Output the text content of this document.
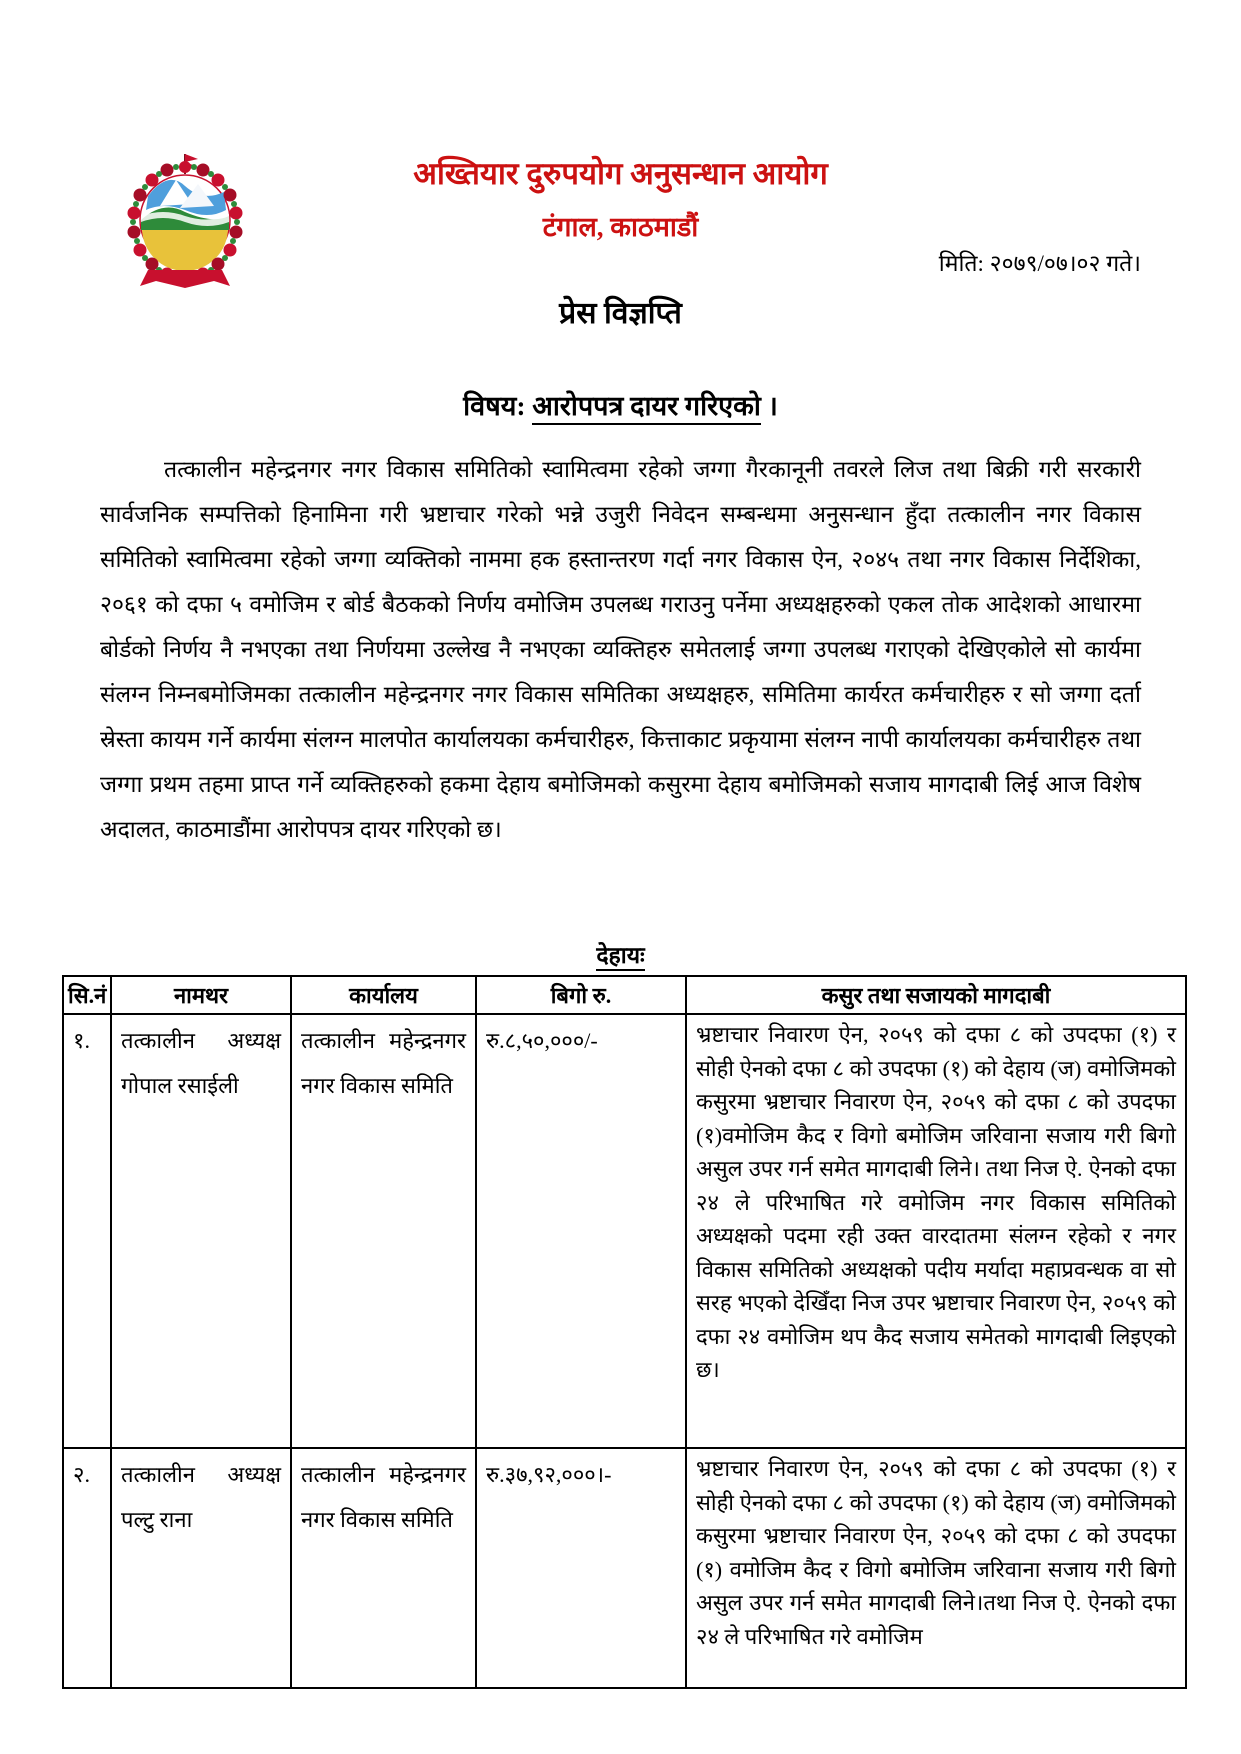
अख्तियार दुरुपयोग अनुसन्धान आयोग
टंगाल, काठमाडौं
मिति: २०७९/०७।०२ गते।
प्रेस विज्ञप्ति
विषय: आरोपपत्र दायर गरिएको ।
तत्कालीन महेन्द्रनगर नगर विकास समितिको स्वामित्वमा रहेको जग्गा गैरकानूनी तवरले लिज तथा बिक्री गरी सरकारी सार्वजनिक सम्पत्तिको हिनामिना गरी भ्रष्टाचार गरेको भन्ने उजुरी निवेदन सम्बन्धमा अनुसन्धान हुँदा तत्कालीन नगर विकास समितिको स्वामित्वमा रहेको जग्गा व्यक्तिको नाममा हक हस्तान्तरण गर्दा नगर विकास ऐन, २०४५ तथा नगर विकास निर्देशिका, २०६१ को दफा ५ वमोजिम र बोर्ड बैठकको निर्णय वमोजिम उपलब्ध गराउनु पर्नेमा अध्यक्षहरुको एकल तोक आदेशको आधारमा बोर्डको निर्णय नै नभएका तथा निर्णयमा उल्लेख नै नभएका व्यक्तिहरु समेतलाई जग्गा उपलब्ध गराएको देखिएकोले सो कार्यमा संलग्न निम्नबमोजिमका तत्कालीन महेन्द्रनगर नगर विकास समितिका अध्यक्षहरु, समितिमा कार्यरत कर्मचारीहरु र सो जग्गा दर्ता स्रेस्ता कायम गर्ने कार्यमा संलग्न मालपोत कार्यालयका कर्मचारीहरु, कित्ताकाट प्रकृयामा संलग्न नापी कार्यालयका कर्मचारीहरु तथा जग्गा प्रथम तहमा प्राप्त गर्ने व्यक्तिहरुको हकमा देहाय बमोजिमको कसुरमा देहाय बमोजिमको सजाय मागदाबी लिई आज विशेष अदालत, काठमाडौंमा आरोपपत्र दायर गरिएको छ।
देहायः
सि.नं	नामथर	कार्यालय	बिगो रु.	कसुर तथा सजायको मागदाबी
१.	तत्कालीन अध्यक्ष गोपाल रसाईली	तत्कालीन महेन्द्रनगर नगर विकास समिति	रु.८,५०,०००/-	भ्रष्टाचार निवारण ऐन, २०५९ को दफा ८ को उपदफा (१) र सोही ऐनको दफा ८ को उपदफा (१) को देहाय (ज) वमोजिमको कसुरमा भ्रष्टाचार निवारण ऐन, २०५९ को दफा ८ को उपदफा (१)वमोजिम कैद र विगो बमोजिम जरिवाना सजाय गरी बिगो असुल उपर गर्न समेत मागदाबी लिने। तथा निज ऐ. ऐनको दफा २४ ले परिभाषित गरे वमोजिम नगर विकास समितिको अध्यक्षको पदमा रही उक्त वारदातमा संलग्न रहेको र नगर विकास समितिको अध्यक्षको पदीय मर्यादा महाप्रवन्धक वा सो सरह भएको देखिँदा निज उपर भ्रष्टाचार निवारण ऐन, २०५९ को दफा २४ वमोजिम थप कैद सजाय समेतको मागदाबी लिइएको छ।
२.	तत्कालीन अध्यक्ष पल्टु राना	तत्कालीन महेन्द्रनगर नगर विकास समिति	रु.३७,९२,०००।-	भ्रष्टाचार निवारण ऐन, २०५९ को दफा ८ को उपदफा (१) र सोही ऐनको दफा ८ को उपदफा (१) को देहाय (ज) वमोजिमको कसुरमा भ्रष्टाचार निवारण ऐन, २०५९ को दफा ८ को उपदफा (१) वमोजिम कैद र विगो बमोजिम जरिवाना सजाय गरी बिगो असुल उपर गर्न समेत मागदाबी लिने।तथा निज ऐ. ऐनको दफा २४ ले परिभाषित गरे वमोजिम
